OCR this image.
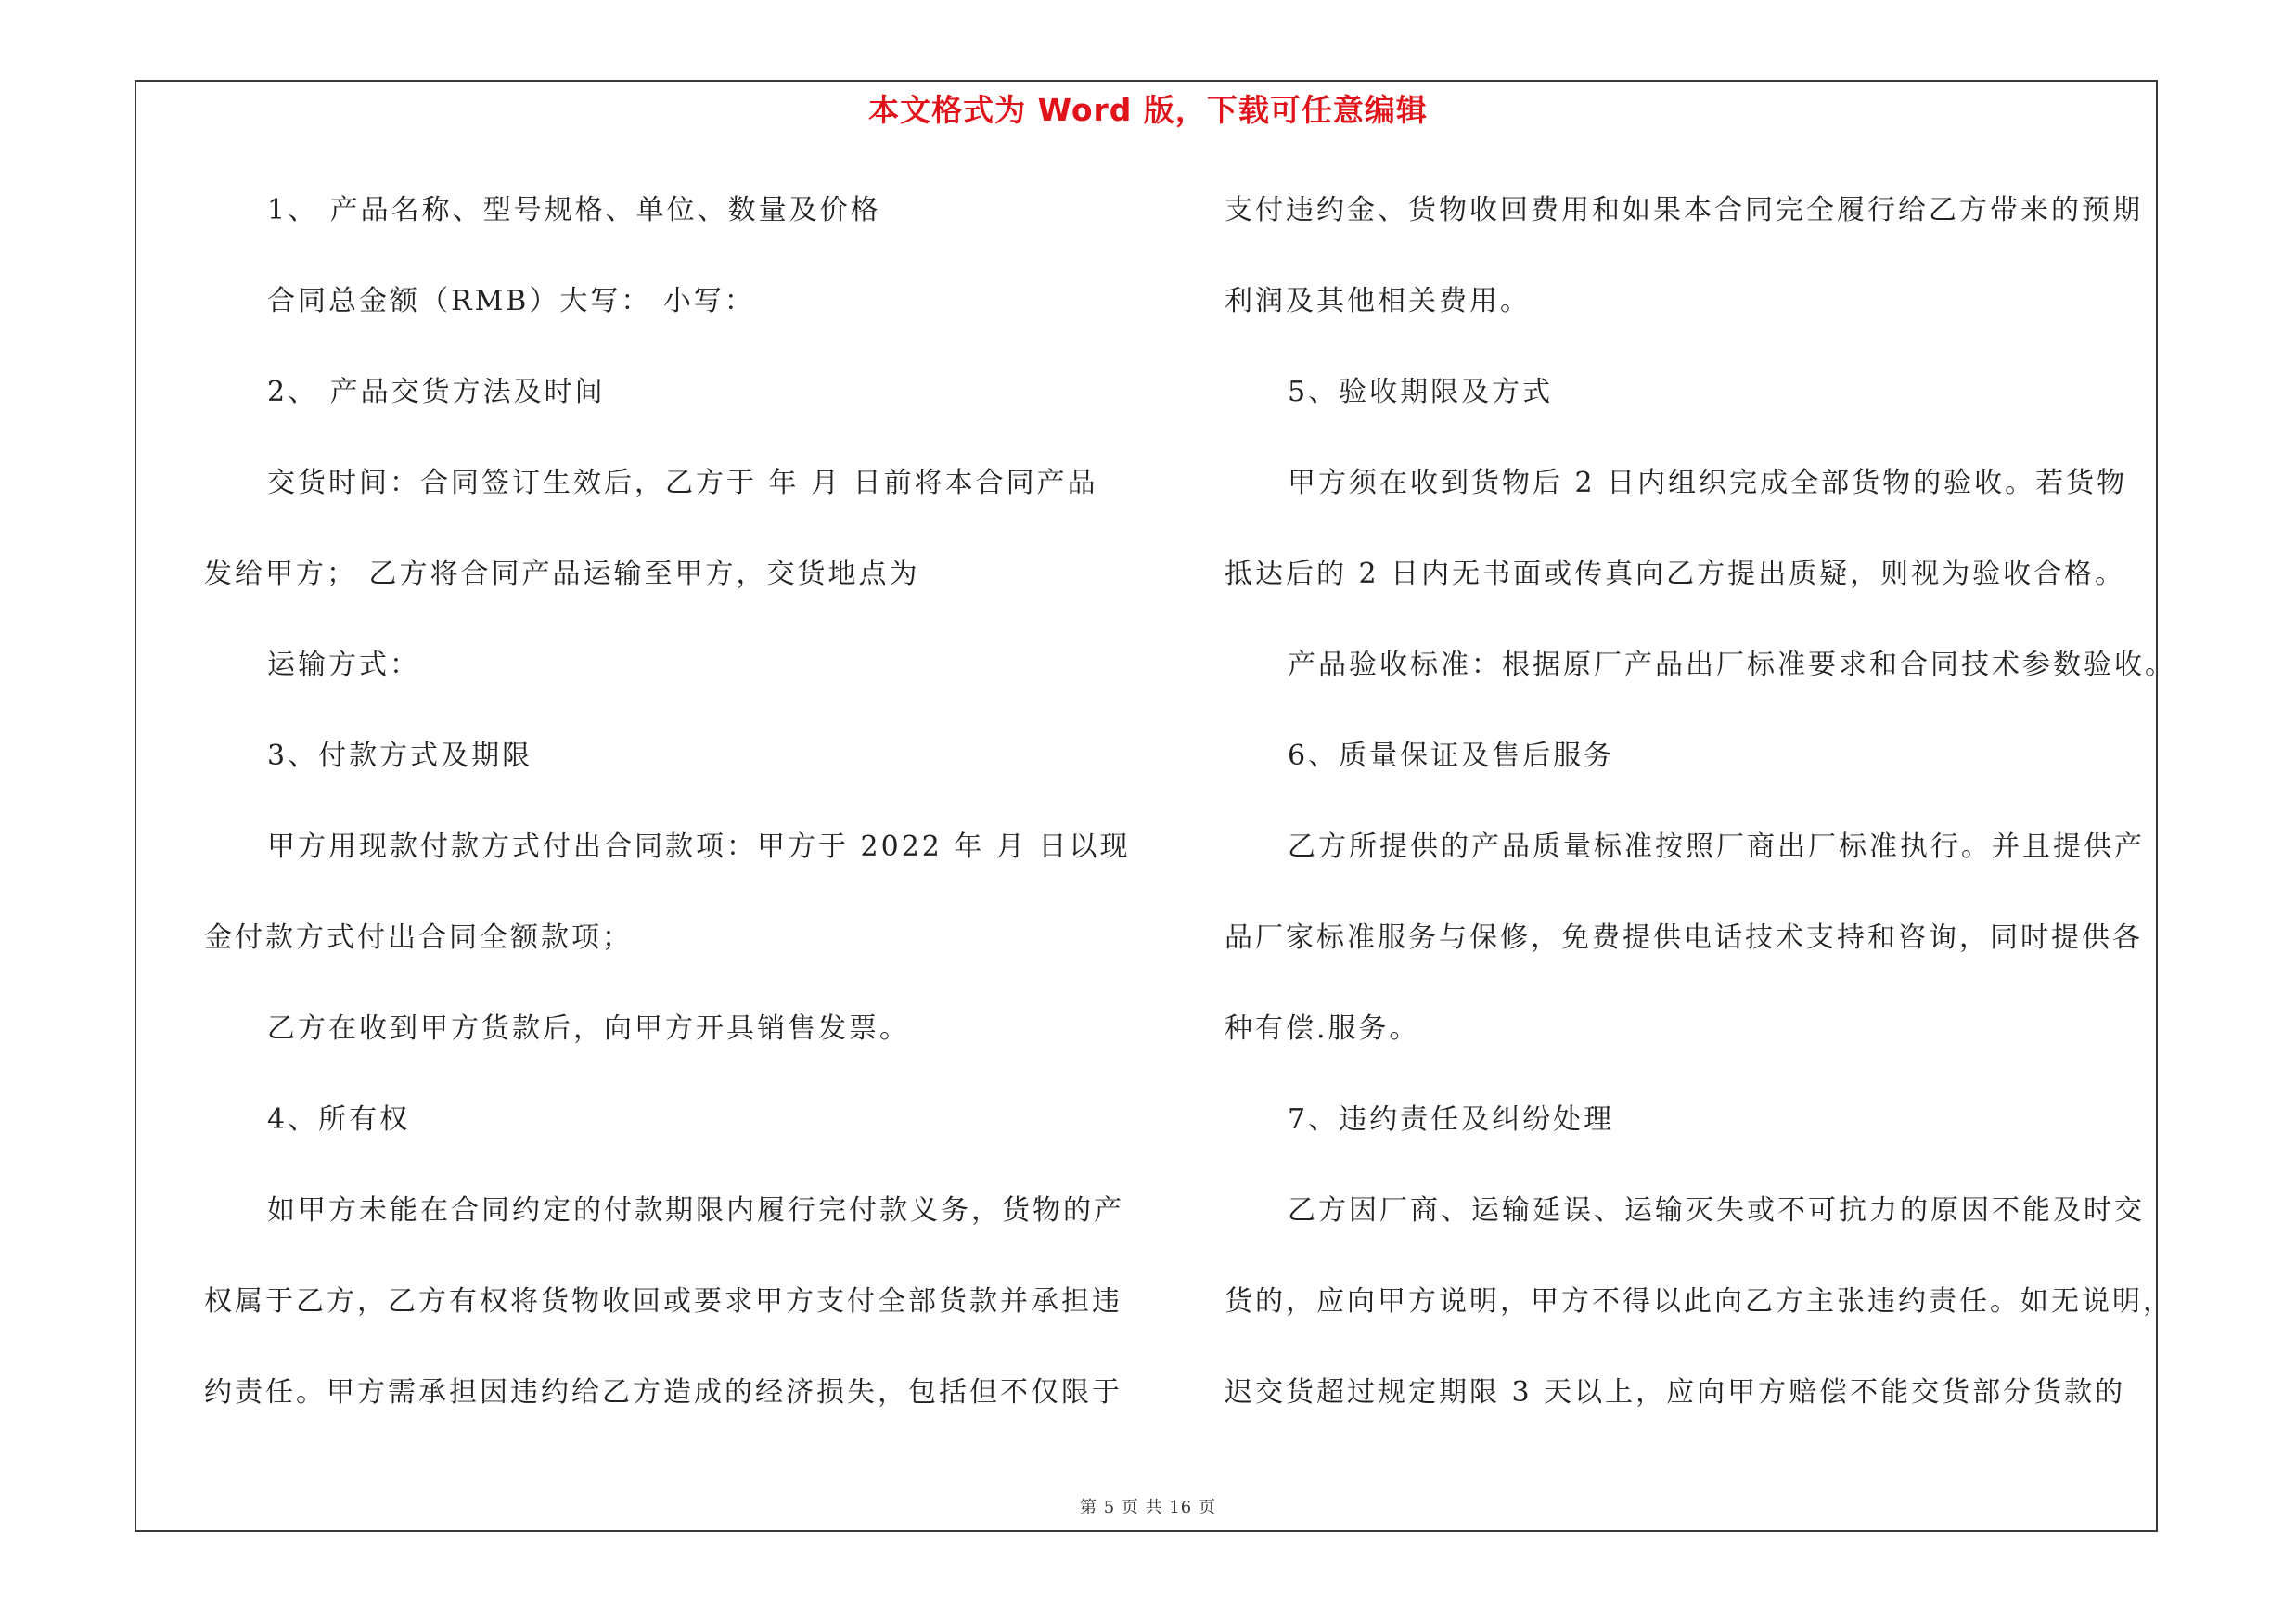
本文格式为 Word 版，下载可任意编辑
1、 产品名称、型号规格、单位、数量及价格
合同总金额（RMB）大写： 小写：
2、 产品交货方法及时间
交货时间：合同签订生效后，乙方于 年 月 日前将本合同产品
发给甲方； 乙方将合同产品运输至甲方，交货地点为
运输方式：
3、付款方式及期限
甲方用现款付款方式付出合同款项：甲方于 2022 年 月 日以现
金付款方式付出合同全额款项；
乙方在收到甲方货款后，向甲方开具销售发票。
4、所有权
如甲方未能在合同约定的付款期限内履行完付款义务，货物的产
权属于乙方，乙方有权将货物收回或要求甲方支付全部货款并承担违
约责任。甲方需承担因违约给乙方造成的经济损失，包括但不仅限于
支付违约金、货物收回费用和如果本合同完全履行给乙方带来的预期
利润及其他相关费用。
5、验收期限及方式
甲方须在收到货物后 2 日内组织完成全部货物的验收。若货物
抵达后的 2 日内无书面或传真向乙方提出质疑，则视为验收合格。
产品验收标准：根据原厂产品出厂标准要求和合同技术参数验收。
6、质量保证及售后服务
乙方所提供的产品质量标准按照厂商出厂标准执行。并且提供产
品厂家标准服务与保修，免费提供电话技术支持和咨询，同时提供各
种有偿.服务。
7、违约责任及纠纷处理
乙方因厂商、运输延误、运输灭失或不可抗力的原因不能及时交
货的，应向甲方说明，甲方不得以此向乙方主张违约责任。如无说明，
迟交货超过规定期限 3 天以上，应向甲方赔偿不能交货部分货款的
第 5 页 共 16 页
